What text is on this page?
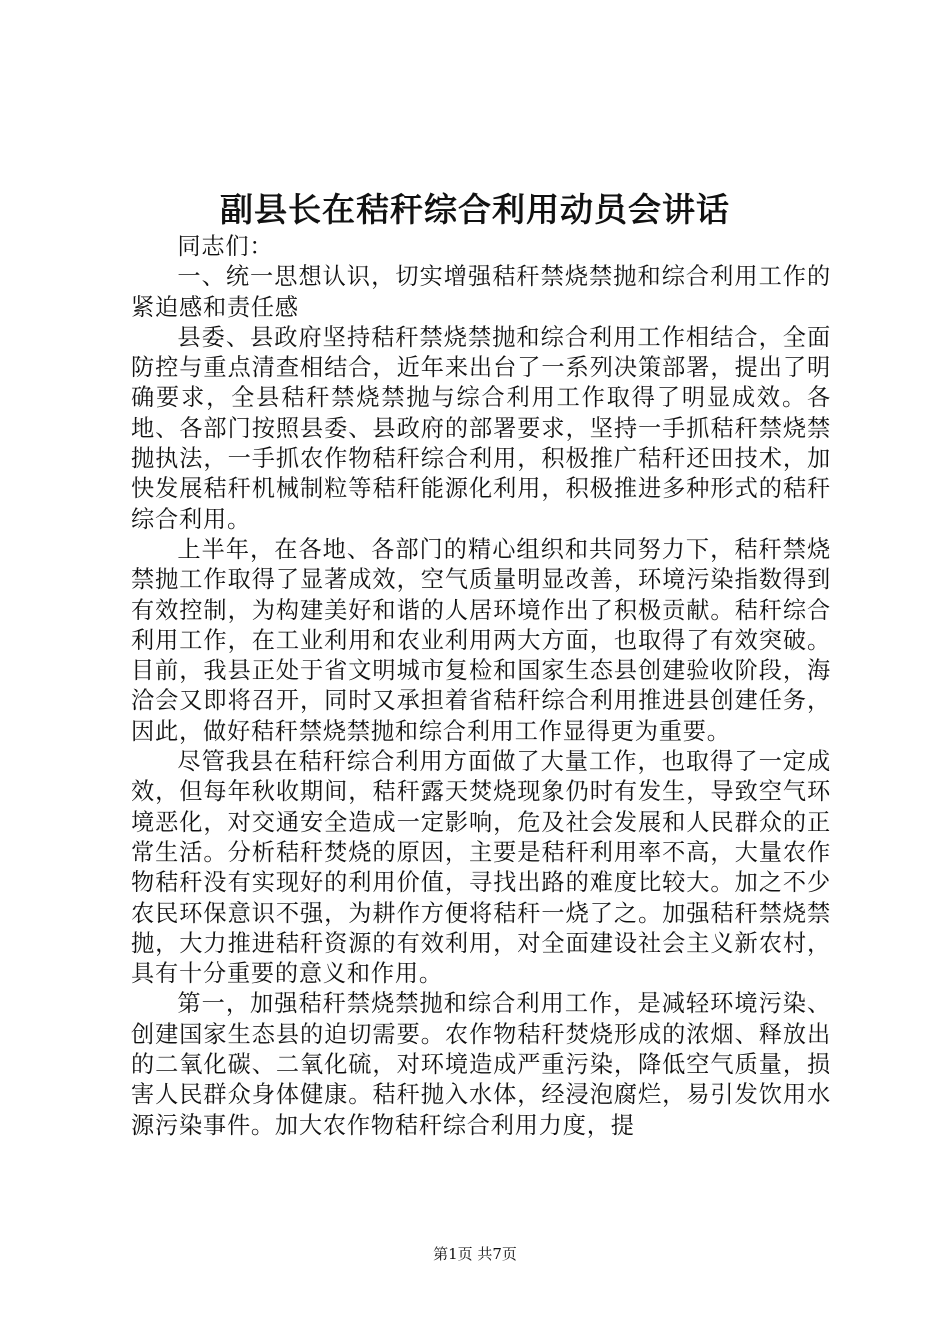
副县长在秸秆综合利用动员会讲话

同志们：

一、统一思想认识，切实增强秸秆禁烧禁抛和综合利用工作的紧迫感和责任感

县委、县政府坚持秸秆禁烧禁抛和综合利用工作相结合，全面防控与重点清查相结合，近年来出台了一系列决策部署，提出了明确要求，全县秸秆禁烧禁抛与综合利用工作取得了明显成效。各地、各部门按照县委、县政府的部署要求，坚持一手抓秸秆禁烧禁抛执法，一手抓农作物秸秆综合利用，积极推广秸秆还田技术，加快发展秸秆机械制粒等秸秆能源化利用，积极推进多种形式的秸秆综合利用。

上半年，在各地、各部门的精心组织和共同努力下，秸秆禁烧禁抛工作取得了显著成效，空气质量明显改善，环境污染指数得到有效控制，为构建美好和谐的人居环境作出了积极贡献。秸秆综合利用工作，在工业利用和农业利用两大方面，也取得了有效突破。目前，我县正处于省文明城市复检和国家生态县创建验收阶段，海洽会又即将召开，同时又承担着省秸秆综合利用推进县创建任务，因此，做好秸秆禁烧禁抛和综合利用工作显得更为重要。

尽管我县在秸秆综合利用方面做了大量工作，也取得了一定成效，但每年秋收期间，秸秆露天焚烧现象仍时有发生，导致空气环境恶化，对交通安全造成一定影响，危及社会发展和人民群众的正常生活。分析秸秆焚烧的原因，主要是秸秆利用率不高，大量农作物秸秆没有实现好的利用价值，寻找出路的难度比较大。加之不少农民环保意识不强，为耕作方便将秸秆一烧了之。加强秸秆禁烧禁抛，大力推进秸秆资源的有效利用，对全面建设社会主义新农村，具有十分重要的意义和作用。

第一，加强秸秆禁烧禁抛和综合利用工作，是减轻环境污染、创建国家生态县的迫切需要。农作物秸秆焚烧形成的浓烟、释放出的二氧化碳、二氧化硫，对环境造成严重污染，降低空气质量，损害人民群众身体健康。秸秆抛入水体，经浸泡腐烂，易引发饮用水源污染事件。加大农作物秸秆综合利用力度，提

第1页 共7页
